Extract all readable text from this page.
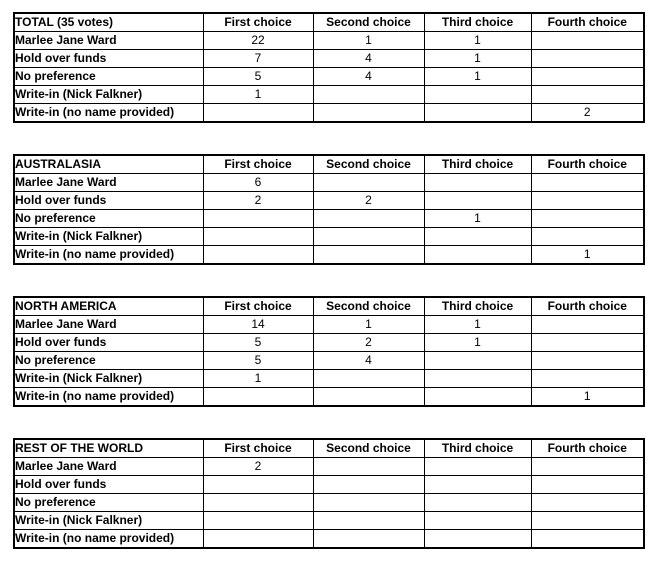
TOTAL (35 votes)	First choice	Second choice	Third choice	Fourth choice
Marlee Jane Ward	22	1	1	
Hold over funds	7	4	1	
No preference	5	4	1	
Write-in (Nick Falkner)	1			
Write-in (no name provided)				2
AUSTRALASIA	First choice	Second choice	Third choice	Fourth choice
Marlee Jane Ward	6			
Hold over funds	2	2		
No preference			1	
Write-in (Nick Falkner)				
Write-in (no name provided)				1
NORTH AMERICA	First choice	Second choice	Third choice	Fourth choice
Marlee Jane Ward	14	1	1	
Hold over funds	5	2	1	
No preference	5	4		
Write-in (Nick Falkner)	1			
Write-in (no name provided)				1
REST OF THE WORLD	First choice	Second choice	Third choice	Fourth choice
Marlee Jane Ward	2			
Hold over funds				
No preference				
Write-in (Nick Falkner)				
Write-in (no name provided)				
